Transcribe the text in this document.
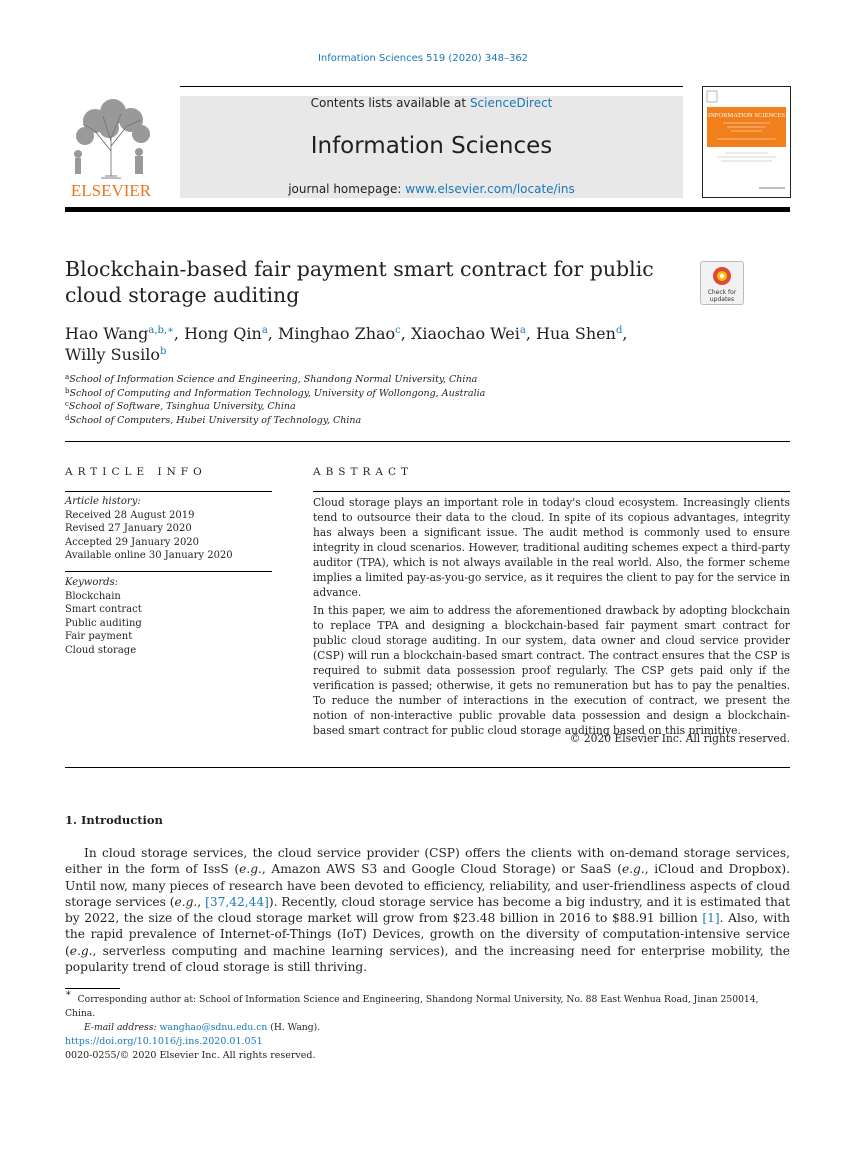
Information Sciences 519 (2020) 348–362
ELSEVIER
Contents lists available at ScienceDirect
Information Sciences
journal homepage: www.elsevier.com/locate/ins
INFORMATION SCIENCES
Blockchain-based fair payment smart contract for public cloud storage auditing	Check for
updates
Hao Wang$^{a,b,∗}$, Hong Qin$^a$, Minghao Zhao$^c$, Xiaochao Wei$^a$, Hua Shen$^d$,
Willy Susilo$^b$
$^a$School of Information Science and Engineering, Shandong Normal University, China
$^b$School of Computing and Information Technology, University of Wollongong, Australia
$^c$School of Software, Tsinghua University, China
$^d$School of Computers, Hubei University of Technology, China
ARTICLE INFO
Article history:
Received 28 August 2019
Revised 27 January 2020
Accepted 29 January 2020
Available online 30 January 2020
Keywords:
Blockchain
Smart contract
Public auditing
Fair payment
Cloud storage
ABSTRACT

Cloud storage plays an important role in today's cloud ecosystem. Increasingly clients tend to outsource their data to the cloud. In spite of its copious advantages, integrity has always been a significant issue. The audit method is commonly used to ensure integrity in cloud scenarios. However, traditional auditing schemes expect a third-party auditor (TPA), which is not always available in the real world. Also, the former scheme implies a limited pay-as-you-go service, as it requires the client to pay for the service in advance.

In this paper, we aim to address the aforementioned drawback by adopting blockchain to replace TPA and designing a blockchain-based fair payment smart contract for public cloud storage auditing. In our system, data owner and cloud service provider (CSP) will run a blockchain-based smart contract. The contract ensures that the CSP is required to submit data possession proof regularly. The CSP gets paid only if the verification is passed; otherwise, it gets no remuneration but has to pay the penalties. To reduce the number of interactions in the execution of contract, we present the notion of non-interactive public provable data possession and design a blockchain-based smart contract for public cloud storage auditing based on this primitive.

© 2020 Elsevier Inc. All rights reserved.
1. Introduction
In cloud storage services, the cloud service provider (CSP) offers the clients with on-demand storage services, either in the form of IssS (e.g., Amazon AWS S3 and Google Cloud Storage) or SaaS (e.g., iCloud and Dropbox). Until now, many pieces of research have been devoted to efficiency, reliability, and user-friendliness aspects of cloud storage services (e.g., [37,42,44]). Recently, cloud storage service has become a big industry, and it is estimated that by 2022, the size of the cloud storage market will grow from $23.48 billion in 2016 to $88.91 billion [1]. Also, with the rapid prevalence of Internet-of-Things (IoT) Devices, growth on the diversity of computation-intensive service (e.g., serverless computing and machine learning services), and the increasing need for enterprise mobility, the popularity trend of cloud storage is still thriving.
∗  Corresponding author at: School of Information Science and Engineering, Shandong Normal University, No. 88 East Wenhua Road, Jinan 250014, China.
E-mail address: wanghao@sdnu.edu.cn (H. Wang).
https://doi.org/10.1016/j.ins.2020.01.051
0020-0255/© 2020 Elsevier Inc. All rights reserved.
